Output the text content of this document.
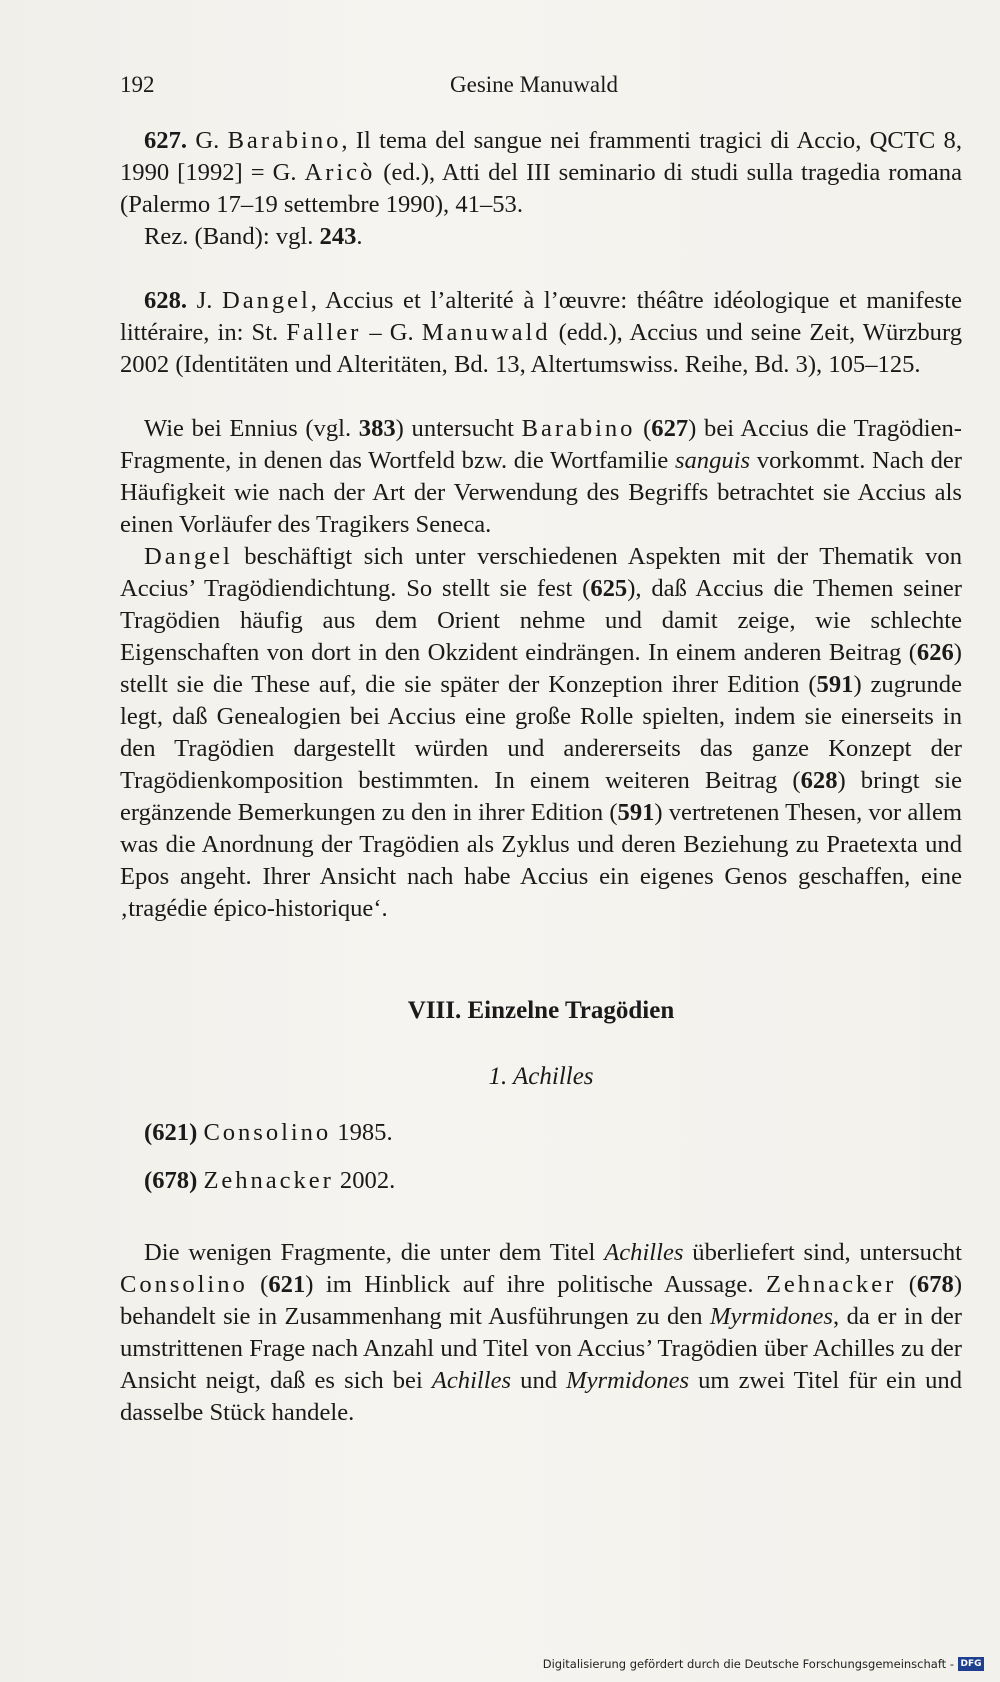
192	Gesine Manuwald

627. G. Barabino, Il tema del sangue nei frammenti tragici di Accio, QCTC 8, 1990 [1992] = G. Aricò (ed.), Atti del III seminario di studi sulla tragedia romana (Palermo 17–19 settembre 1990), 41–53.

Rez. (Band): vgl. 243.

628. J. Dangel, Accius et l’alterité à l’œuvre: théâtre idéologique et manifeste littéraire, in: St. Faller – G. Manuwald (edd.), Accius und seine Zeit, Würzburg 2002 (Identitäten und Alteritäten, Bd. 13, Altertumswiss. Reihe, Bd. 3), 105–125.

Wie bei Ennius (vgl. 383) untersucht Barabino (627) bei Accius die Tragödien-Fragmente, in denen das Wortfeld bzw. die Wortfamilie sanguis vorkommt. Nach der Häufigkeit wie nach der Art der Verwendung des Begriffs betrachtet sie Accius als einen Vorläufer des Tragikers Seneca.

Dangel beschäftigt sich unter verschiedenen Aspekten mit der Thematik von Accius’ Tragödiendichtung. So stellt sie fest (625), daß Accius die Themen seiner Tragödien häufig aus dem Orient nehme und damit zeige, wie schlechte Eigenschaften von dort in den Okzident eindrängen. In einem anderen Beitrag (626) stellt sie die These auf, die sie später der Konzeption ihrer Edition (591) zugrunde legt, daß Genealogien bei Accius eine große Rolle spielten, indem sie einerseits in den Tragödien dargestellt würden und andererseits das ganze Konzept der Tragödienkomposition bestimmten. In einem weiteren Beitrag (628) bringt sie ergänzende Bemerkungen zu den in ihrer Edition (591) vertretenen Thesen, vor allem was die Anordnung der Tragödien als Zyklus und deren Beziehung zu Praetexta und Epos angeht. Ihrer Ansicht nach habe Accius ein eigenes Genos geschaffen, eine ‚tragédie épico-historique‘.

VIII. Einzelne Tragödien
1. Achilles

(621) Consolino 1985.

(678) Zehnacker 2002.

Die wenigen Fragmente, die unter dem Titel Achilles überliefert sind, untersucht Consolino (621) im Hinblick auf ihre politische Aussage. Zehnacker (678) behandelt sie in Zusammenhang mit Ausführungen zu den Myrmidones, da er in der umstrittenen Frage nach Anzahl und Titel von Accius’ Tragödien über Achilles zu der Ansicht neigt, daß es sich bei Achilles und Myrmidones um zwei Titel für ein und dasselbe Stück handele.

Digitalisierung gefördert durch die Deutsche Forschungsgemeinschaft - DFG
